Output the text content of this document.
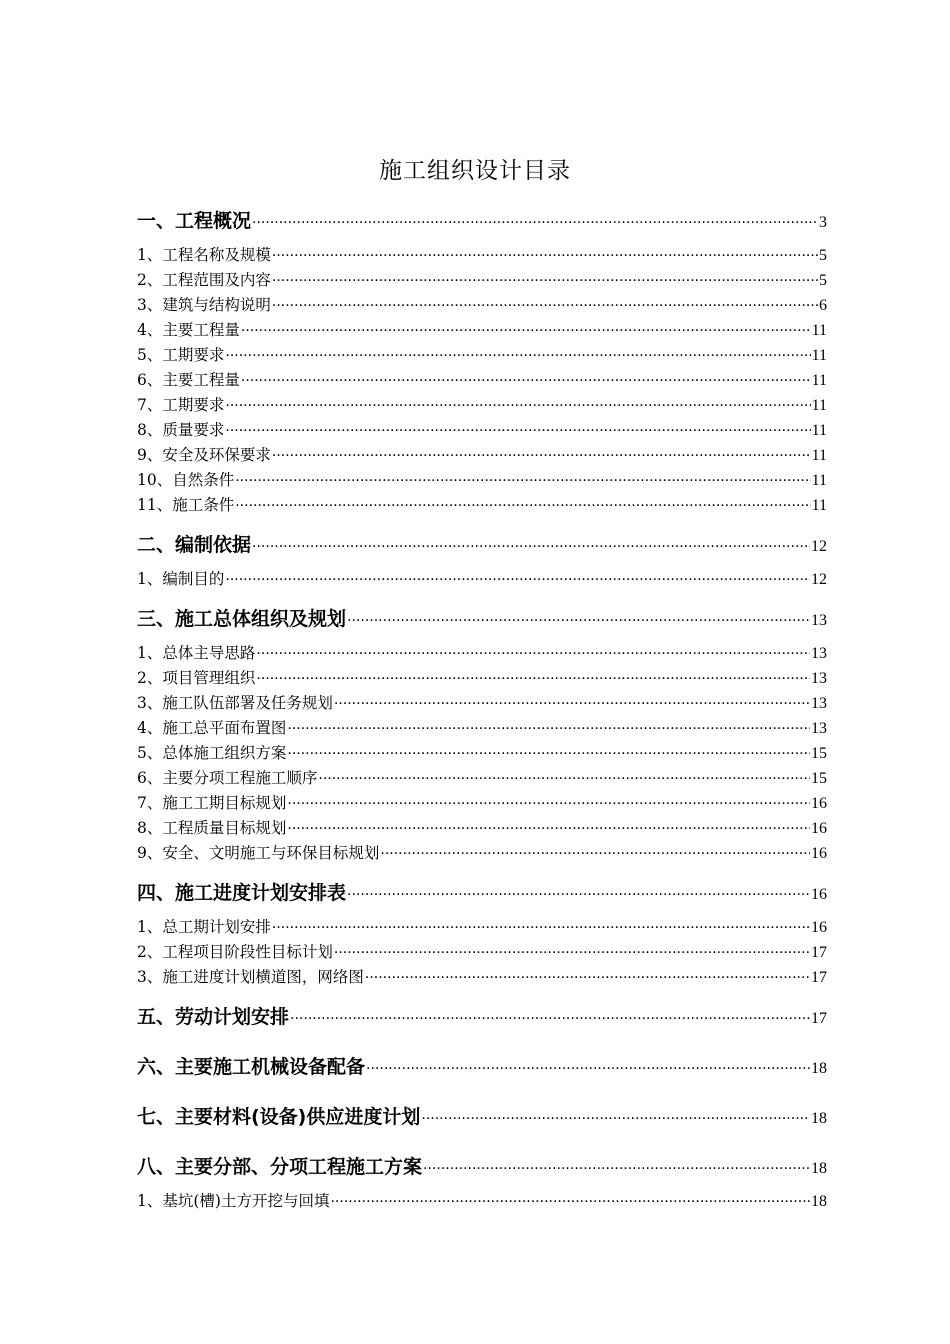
施工组织设计目录
一、工程概况 ·····	3
1、工程名称及规模 ·····	5
2、工程范围及内容 ·····	5
3、建筑与结构说明 ·····	6
4、主要工程量 ·····	11
5、工期要求 ·····	11
6、主要工程量 ·····	11
7、工期要求 ·····	11
8、质量要求 ·····	11
9、安全及环保要求 ·····	11
10、自然条件 ·····	11
11、施工条件 ·····	11
二、编制依据 ·····	12
1、编制目的 ·····	12
三、施工总体组织及规划 ·····	13
1、总体主导思路 ·····	13
2、项目管理组织 ·····	13
3、施工队伍部署及任务规划 ·····	13
4、施工总平面布置图 ·····	13
5、总体施工组织方案 ·····	15
6、主要分项工程施工顺序 ·····	15
7、施工工期目标规划 ·····	16
8、工程质量目标规划 ·····	16
9、安全、文明施工与环保目标规划 ·····	16
四、施工进度计划安排表 ·····	16
1、总工期计划安排 ·····	16
2、工程项目阶段性目标计划 ·····	17
3、施工进度计划横道图，网络图 ·····	17
五、劳动计划安排 ·····	17
六、主要施工机械设备配备 ·····	18
七、主要材料(设备)供应进度计划 ·····	18
八、主要分部、分项工程施工方案 ·····	18
1、基坑(槽)土方开挖与回填 ·····	18
